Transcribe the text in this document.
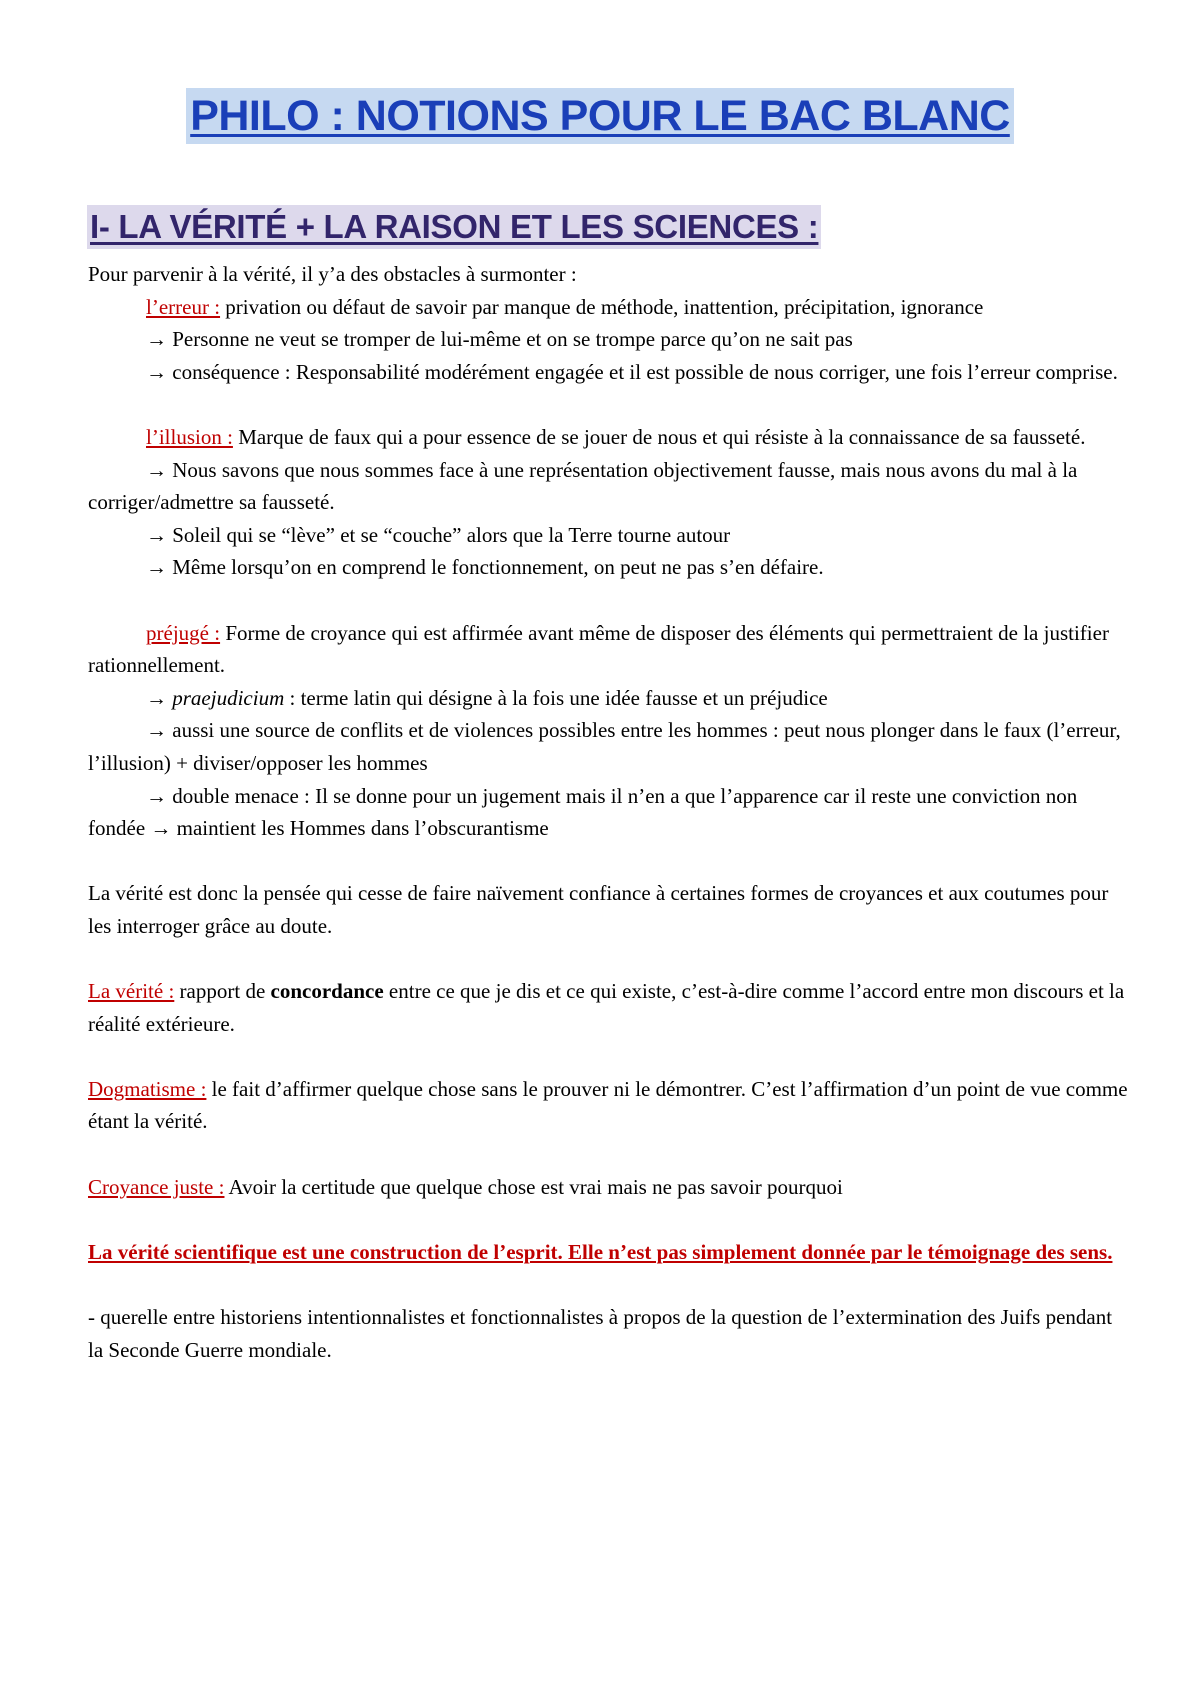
PHILO : NOTIONS POUR LE BAC BLANC
I- LA VÉRITÉ + LA RAISON ET LES SCIENCES :

Pour parvenir à la vérité, il y’a des obstacles à surmonter :

l’erreur : privation ou défaut de savoir par manque de méthode, inattention, précipitation, ignorance

→ Personne ne veut se tromper de lui-même et on se trompe parce qu’on ne sait pas

→ conséquence : Responsabilité modérément engagée et il est possible de nous corriger, une fois l’erreur comprise.

l’illusion : Marque de faux qui a pour essence de se jouer de nous et qui résiste à la connaissance de sa fausseté.

→ Nous savons que nous sommes face à une représentation objectivement fausse, mais nous avons du mal à la corriger/admettre sa fausseté.

→ Soleil qui se “lève” et se “couche” alors que la Terre tourne autour

→ Même lorsqu’on en comprend le fonctionnement, on peut ne pas s’en défaire.

préjugé : Forme de croyance qui est affirmée avant même de disposer des éléments qui permettraient de la justifier rationnellement.

→ praejudicium : terme latin qui désigne à la fois une idée fausse et un préjudice

→ aussi une source de conflits et de violences possibles entre les hommes : peut nous plonger dans le faux (l’erreur, l’illusion) + diviser/opposer les hommes

→ double menace : Il se donne pour un jugement mais il n’en a que l’apparence car il reste une conviction non fondée → maintient les Hommes dans l’obscurantisme

La vérité est donc la pensée qui cesse de faire naïvement confiance à certaines formes de croyances et aux coutumes pour les interroger grâce au doute.

La vérité : rapport de concordance entre ce que je dis et ce qui existe, c’est-à-dire comme l’accord entre mon discours et la réalité extérieure.

Dogmatisme : le fait d’affirmer quelque chose sans le prouver ni le démontrer. C’est l’affirmation d’un point de vue comme étant la vérité.

Croyance juste : Avoir la certitude que quelque chose est vrai mais ne pas savoir pourquoi

La vérité scientifique est une construction de l’esprit. Elle n’est pas simplement donnée par le témoignage des sens.

- querelle entre historiens intentionnalistes et fonctionnalistes à propos de la question de l’extermination des Juifs pendant la Seconde Guerre mondiale.
